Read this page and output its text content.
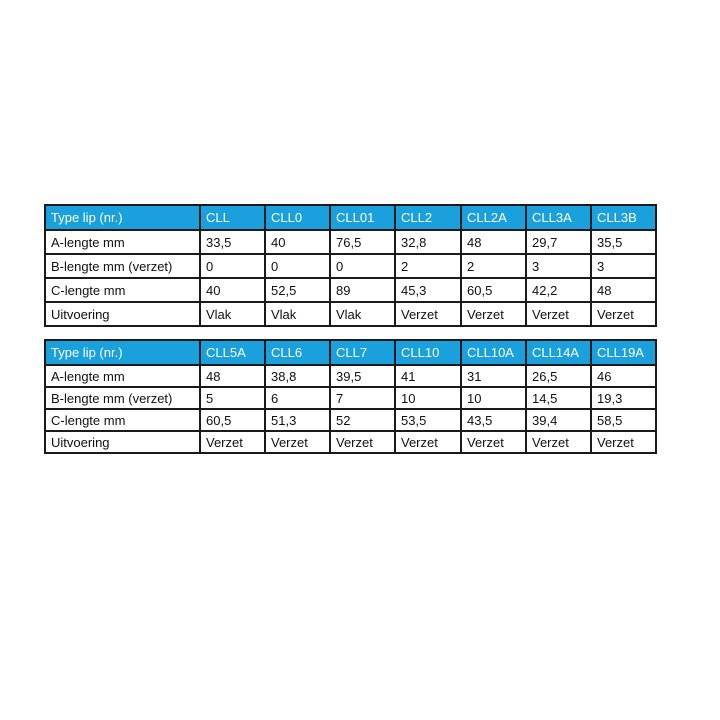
Type lip (nr.)	CLL	CLL0	CLL01	CLL2	CLL2A	CLL3A	CLL3B
A-lengte mm	33,5	40	76,5	32,8	48	29,7	35,5
B-lengte mm (verzet)	0	0	0	2	2	3	3
C-lengte mm	40	52,5	89	45,3	60,5	42,2	48
Uitvoering	Vlak	Vlak	Vlak	Verzet	Verzet	Verzet	Verzet
Type lip (nr.)	CLL5A	CLL6	CLL7	CLL10	CLL10A	CLL14A	CLL19A
A-lengte mm	48	38,8	39,5	41	31	26,5	46
B-lengte mm (verzet)	5	6	7	10	10	14,5	19,3
C-lengte mm	60,5	51,3	52	53,5	43,5	39,4	58,5
Uitvoering	Verzet	Verzet	Verzet	Verzet	Verzet	Verzet	Verzet
